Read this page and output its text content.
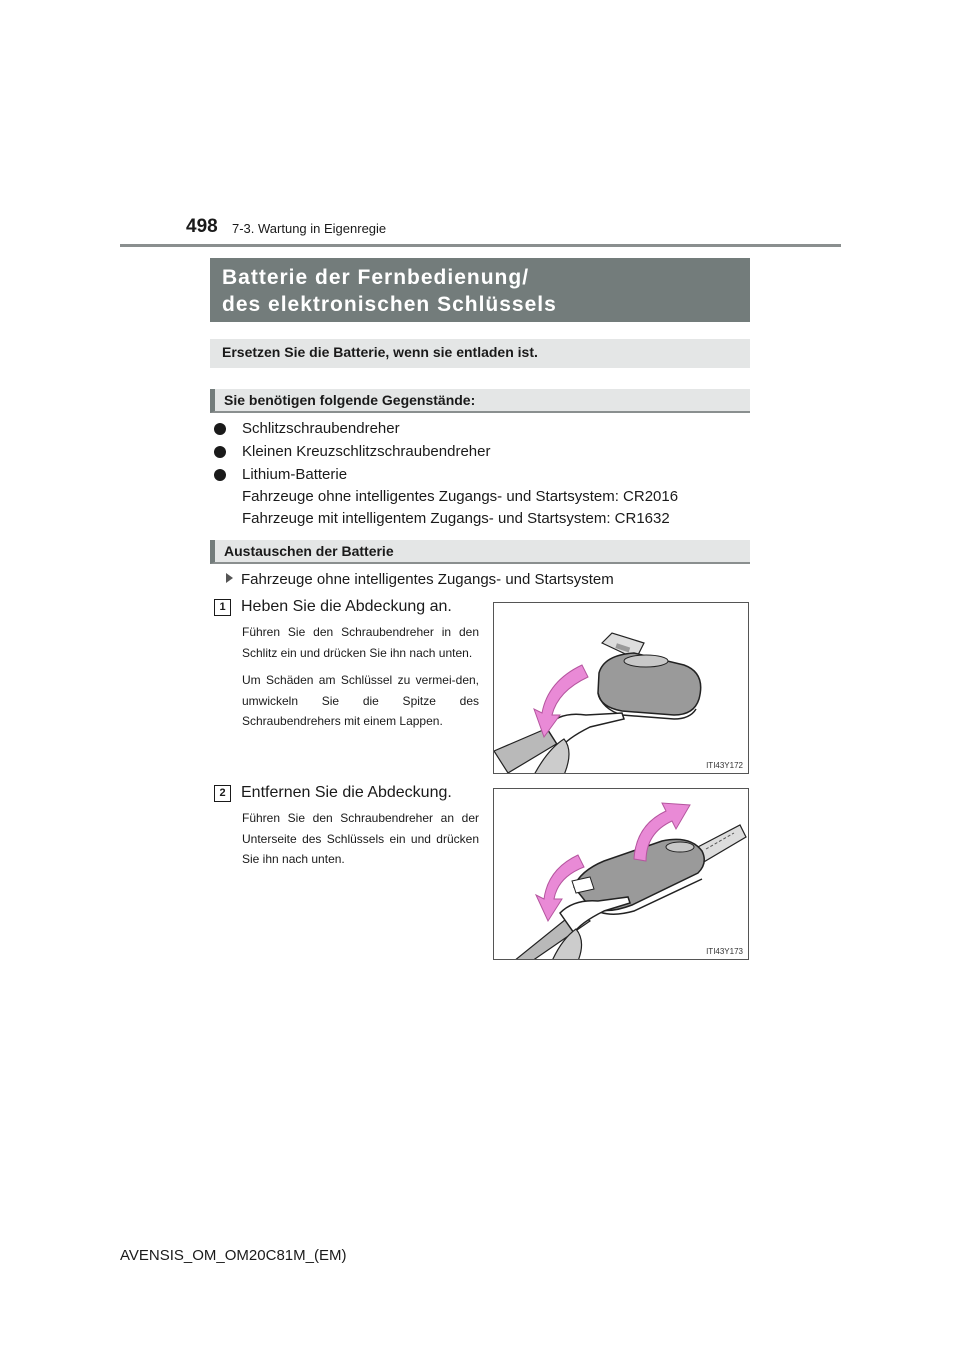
498 7-3. Wartung in Eigenregie
Batterie der Fernbedienung/
des elektronischen Schlüssels
Ersetzen Sie die Batterie, wenn sie entladen ist.
Sie benötigen folgende Gegenstände:
Schlitzschraubendreher
Kleinen Kreuzschlitzschraubendreher
Lithium-Batterie
Fahrzeuge ohne intelligentes Zugangs- und Startsystem: CR2016
Fahrzeuge mit intelligentem Zugangs- und Startsystem: CR1632
Austauschen der Batterie
Fahrzeuge ohne intelligentes Zugangs- und Startsystem
1 Heben Sie die Abdeckung an.

Führen Sie den Schraubendreher in den Schlitz ein und drücken Sie ihn nach unten.

Um Schäden am Schlüssel zu vermei-den, umwickeln Sie die Spitze des Schraubendrehers mit einem Lappen.

ITI43Y172
2 Entfernen Sie die Abdeckung.

Führen Sie den Schraubendreher an der Unterseite des Schlüssels ein und drücken Sie ihn nach unten.

ITI43Y173
AVENSIS_OM_OM20C81M_(EM)
